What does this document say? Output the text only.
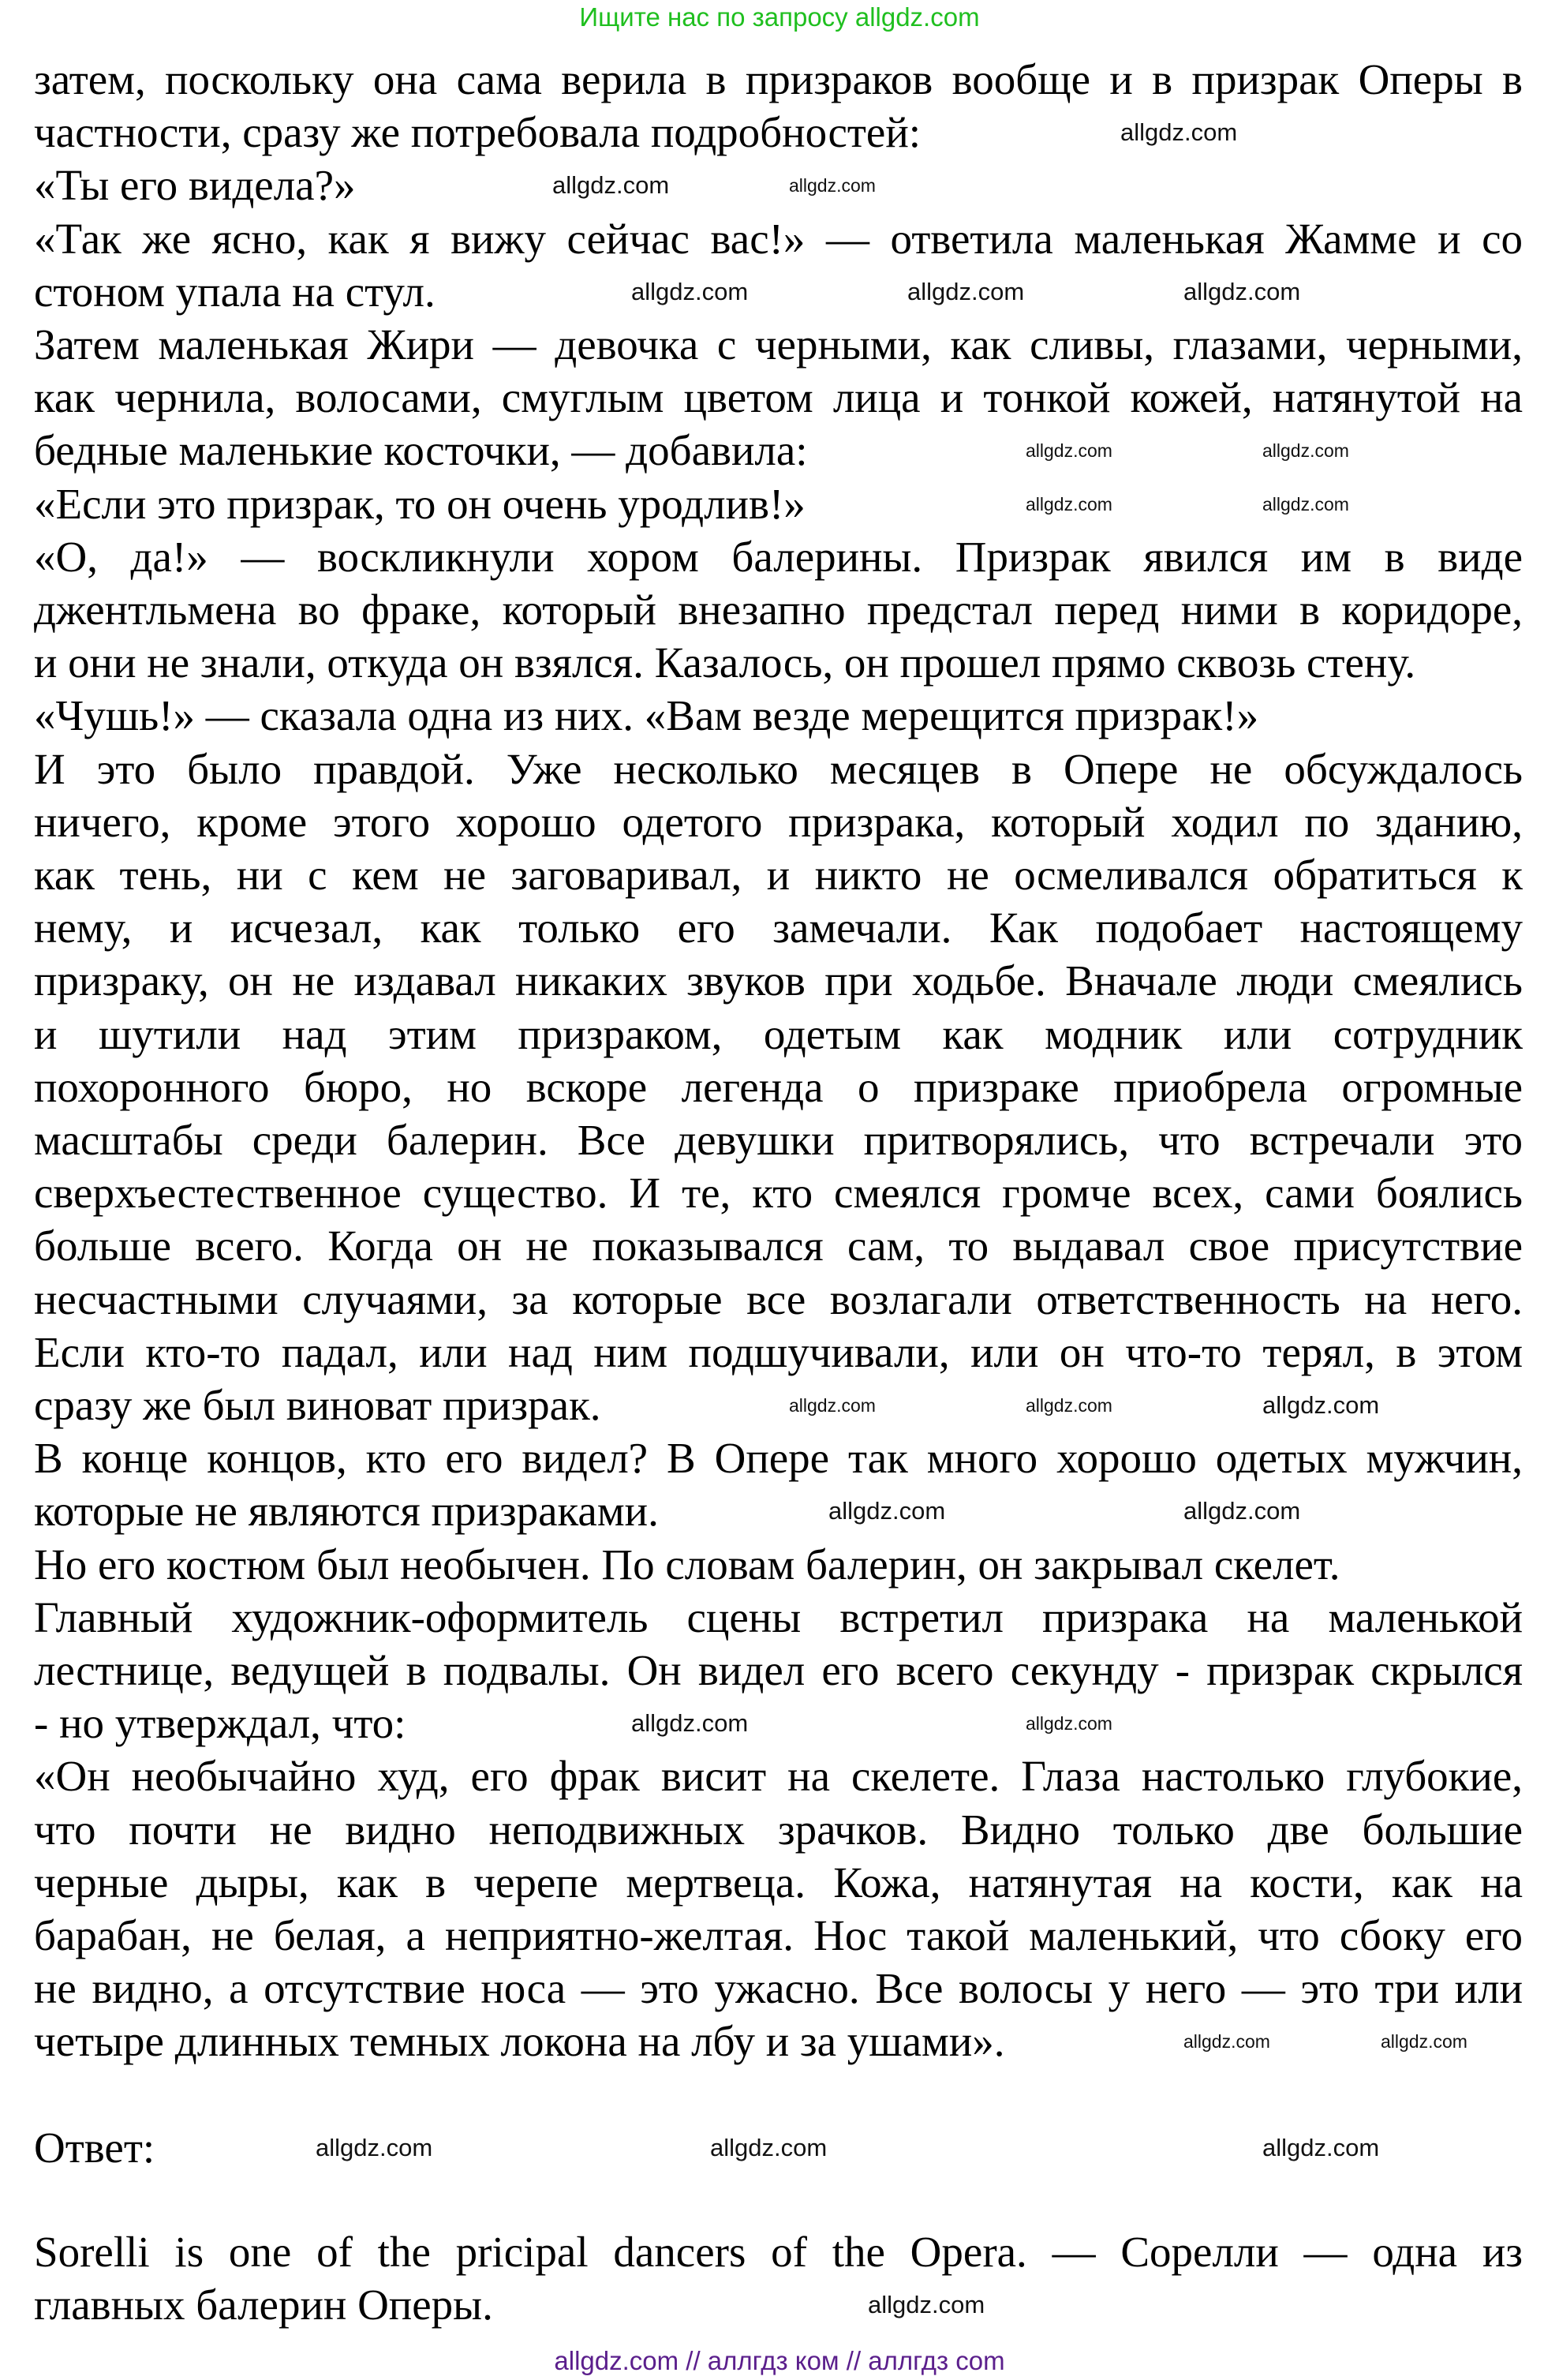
Ищите нас по запросу allgdz.com
затем, поскольку она сама верила в призраков вообще и в призрак Оперы в
частности, сразу же потребовала подробностей:
«Ты его видела?»
«Так же ясно, как я вижу сейчас вас!» — ответила маленькая Жамме и со
стоном упала на стул.
Затем маленькая Жири — девочка с черными, как сливы, глазами, черными,
как чернила, волосами, смуглым цветом лица и тонкой кожей, натянутой на
бедные маленькие косточки, — добавила:
«Если это призрак, то он очень уродлив!»
«О, да!» — воскликнули хором балерины. Призрак явился им в виде
джентльмена во фраке, который внезапно предстал перед ними в коридоре,
и они не знали, откуда он взялся. Казалось, он прошел прямо сквозь стену.
«Чушь!» — сказала одна из них. «Вам везде мерещится призрак!»
И это было правдой. Уже несколько месяцев в Опере не обсуждалось
ничего, кроме этого хорошо одетого призрака, который ходил по зданию,
как тень, ни с кем не заговаривал, и никто не осмеливался обратиться к
нему, и исчезал, как только его замечали. Как подобает настоящему
призраку, он не издавал никаких звуков при ходьбе. Вначале люди смеялись
и шутили над этим призраком, одетым как модник или сотрудник
похоронного бюро, но вскоре легенда о призраке приобрела огромные
масштабы среди балерин. Все девушки притворялись, что встречали это
сверхъестественное существо. И те, кто смеялся громче всех, сами боялись
больше всего. Когда он не показывался сам, то выдавал свое присутствие
несчастными случаями, за которые все возлагали ответственность на него.
Если кто-то падал, или над ним подшучивали, или он что-то терял, в этом
сразу же был виноват призрак.
В конце концов, кто его видел? В Опере так много хорошо одетых мужчин,
которые не являются призраками.
Но его костюм был необычен. По словам балерин, он закрывал скелет.
Главный художник-оформитель сцены встретил призрака на маленькой
лестнице, ведущей в подвалы. Он видел его всего секунду - призрак скрылся
- но утверждал, что:
«Он необычайно худ, его фрак висит на скелете. Глаза настолько глубокие,
что почти не видно неподвижных зрачков. Видно только две большие
черные дыры, как в черепе мертвеца. Кожа, натянутая на кости, как на
барабан, не белая, а неприятно-желтая. Нос такой маленький, что сбоку его
не видно, а отсутствие носа — это ужасно. Все волосы у него — это три или
четыре длинных темных локона на лбу и за ушами».
Ответ:
Sorelli is one of the pricipal dancers of the Opera. — Сорелли — одна из
главных балерин Оперы.
allgdz.com
allgdz.com	allgdz.com
allgdz.com	allgdz.com	allgdz.com
allgdz.com	allgdz.com
allgdz.com	allgdz.com
allgdz.com	allgdz.com	allgdz.com
allgdz.com	allgdz.com
allgdz.com	allgdz.com
allgdz.com	allgdz.com
allgdz.com	allgdz.com
allgdz.com
allgdz.com
allgdz.com // аллгдз ком // аллгдз com
